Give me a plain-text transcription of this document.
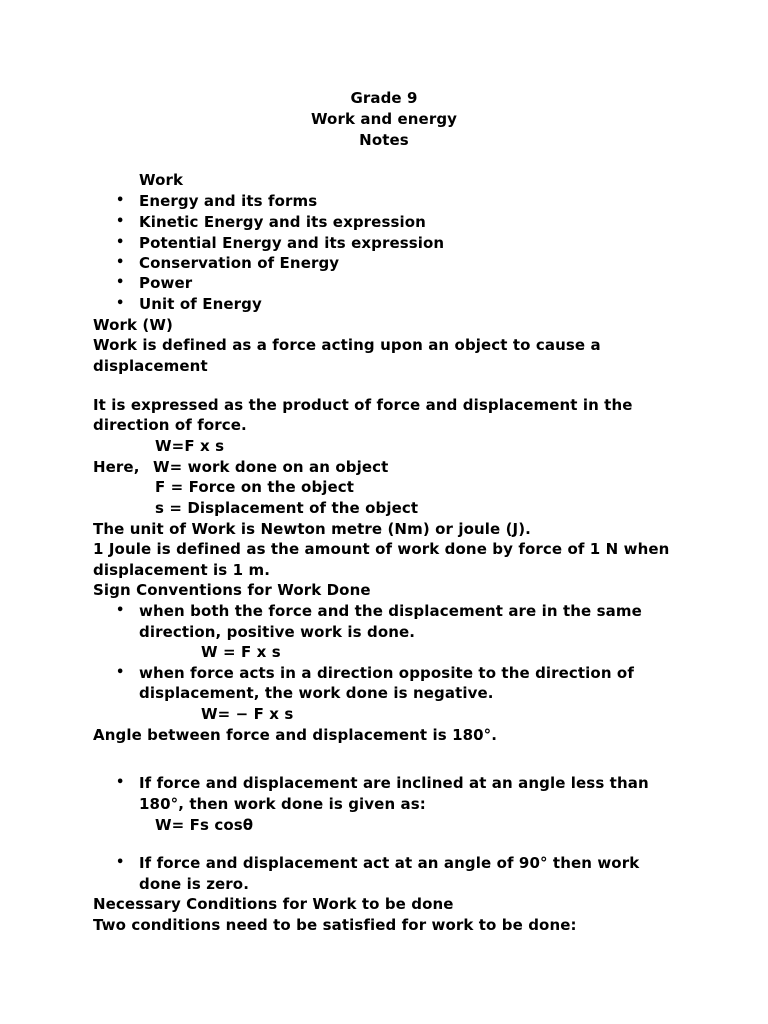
Grade 9
Work and energy
Notes
Work
• Energy and its forms
• Kinetic Energy and its expression
• Potential Energy and its expression
• Conservation of Energy
• Power
• Unit of Energy
Work (W)
Work is defined as a force acting upon an object to cause a
displacement
It is expressed as the product of force and displacement in the
direction of force.
W=F x s
Here, W= work done on an object
F = Force on the object
s = Displacement of the object
The unit of Work is Newton metre (Nm) or joule (J).
1 Joule is defined as the amount of work done by force of 1 N when
displacement is 1 m.
Sign Conventions for Work Done
• when both the force and the displacement are in the same
direction, positive work is done.
W = F x s
• when force acts in a direction opposite to the direction of
displacement, the work done is negative.
W= − F x s
Angle between force and displacement is 180°.
• If force and displacement are inclined at an angle less than
180°, then work done is given as:
W= Fs cosθ
• If force and displacement act at an angle of 90° then work
done is zero.
Necessary Conditions for Work to be done
Two conditions need to be satisfied for work to be done:
